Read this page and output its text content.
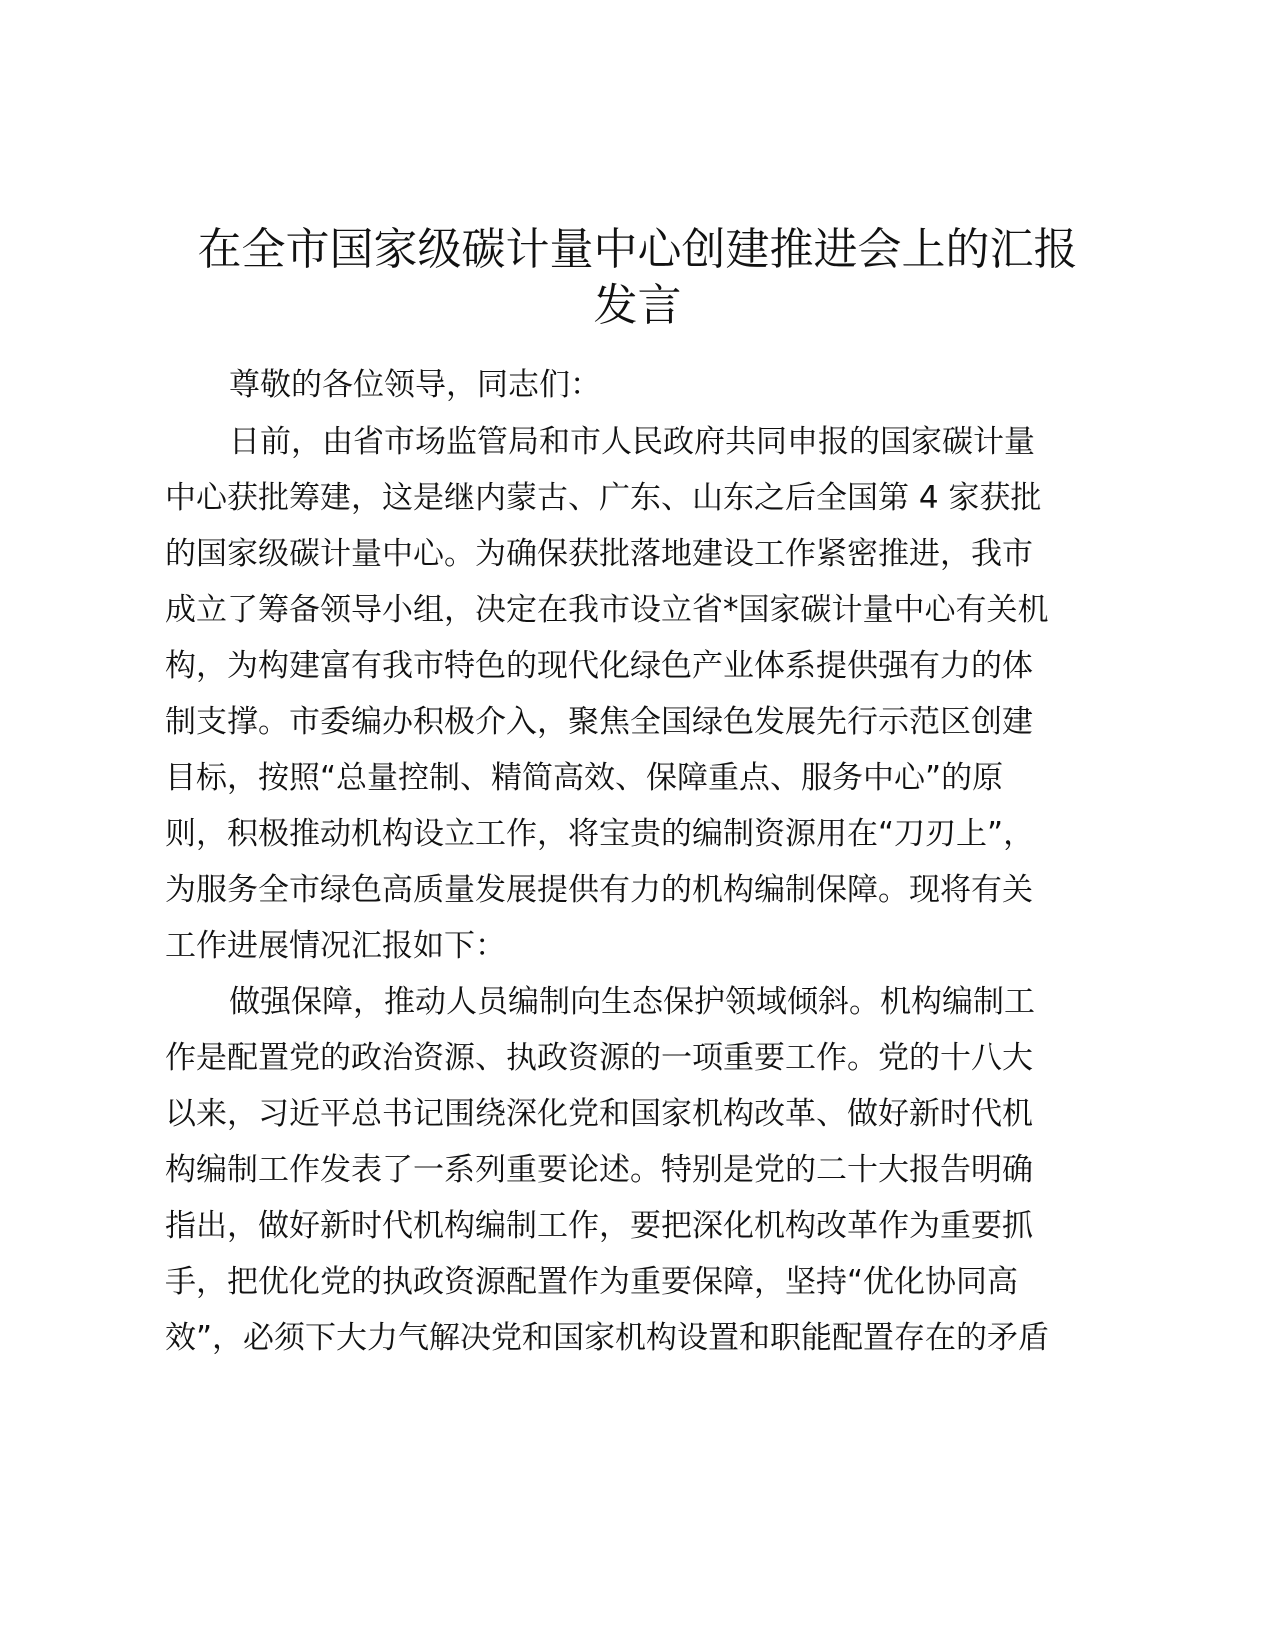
在全市国家级碳计量中心创建推进会上的汇报
发言
尊敬的各位领导，同志们：
日前，由省市场监管局和市人民政府共同申报的国家碳计量
中心获批筹建，这是继内蒙古、广东、山东之后全国第 4 家获批
的国家级碳计量中心。为确保获批落地建设工作紧密推进，我市
成立了筹备领导小组，决定在我市设立省*国家碳计量中心有关机
构，为构建富有我市特色的现代化绿色产业体系提供强有力的体
制支撑。市委编办积极介入，聚焦全国绿色发展先行示范区创建
目标，按照“总量控制、精简高效、保障重点、服务中心”的原
则，积极推动机构设立工作，将宝贵的编制资源用在“刀刃上”，
为服务全市绿色高质量发展提供有力的机构编制保障。现将有关
工作进展情况汇报如下：
做强保障，推动人员编制向生态保护领域倾斜。机构编制工
作是配置党的政治资源、执政资源的一项重要工作。党的十八大
以来，习近平总书记围绕深化党和国家机构改革、做好新时代机
构编制工作发表了一系列重要论述。特别是党的二十大报告明确
指出，做好新时代机构编制工作，要把深化机构改革作为重要抓
手，把优化党的执政资源配置作为重要保障，坚持“优化协同高
效”，必须下大力气解决党和国家机构设置和职能配置存在的矛盾
